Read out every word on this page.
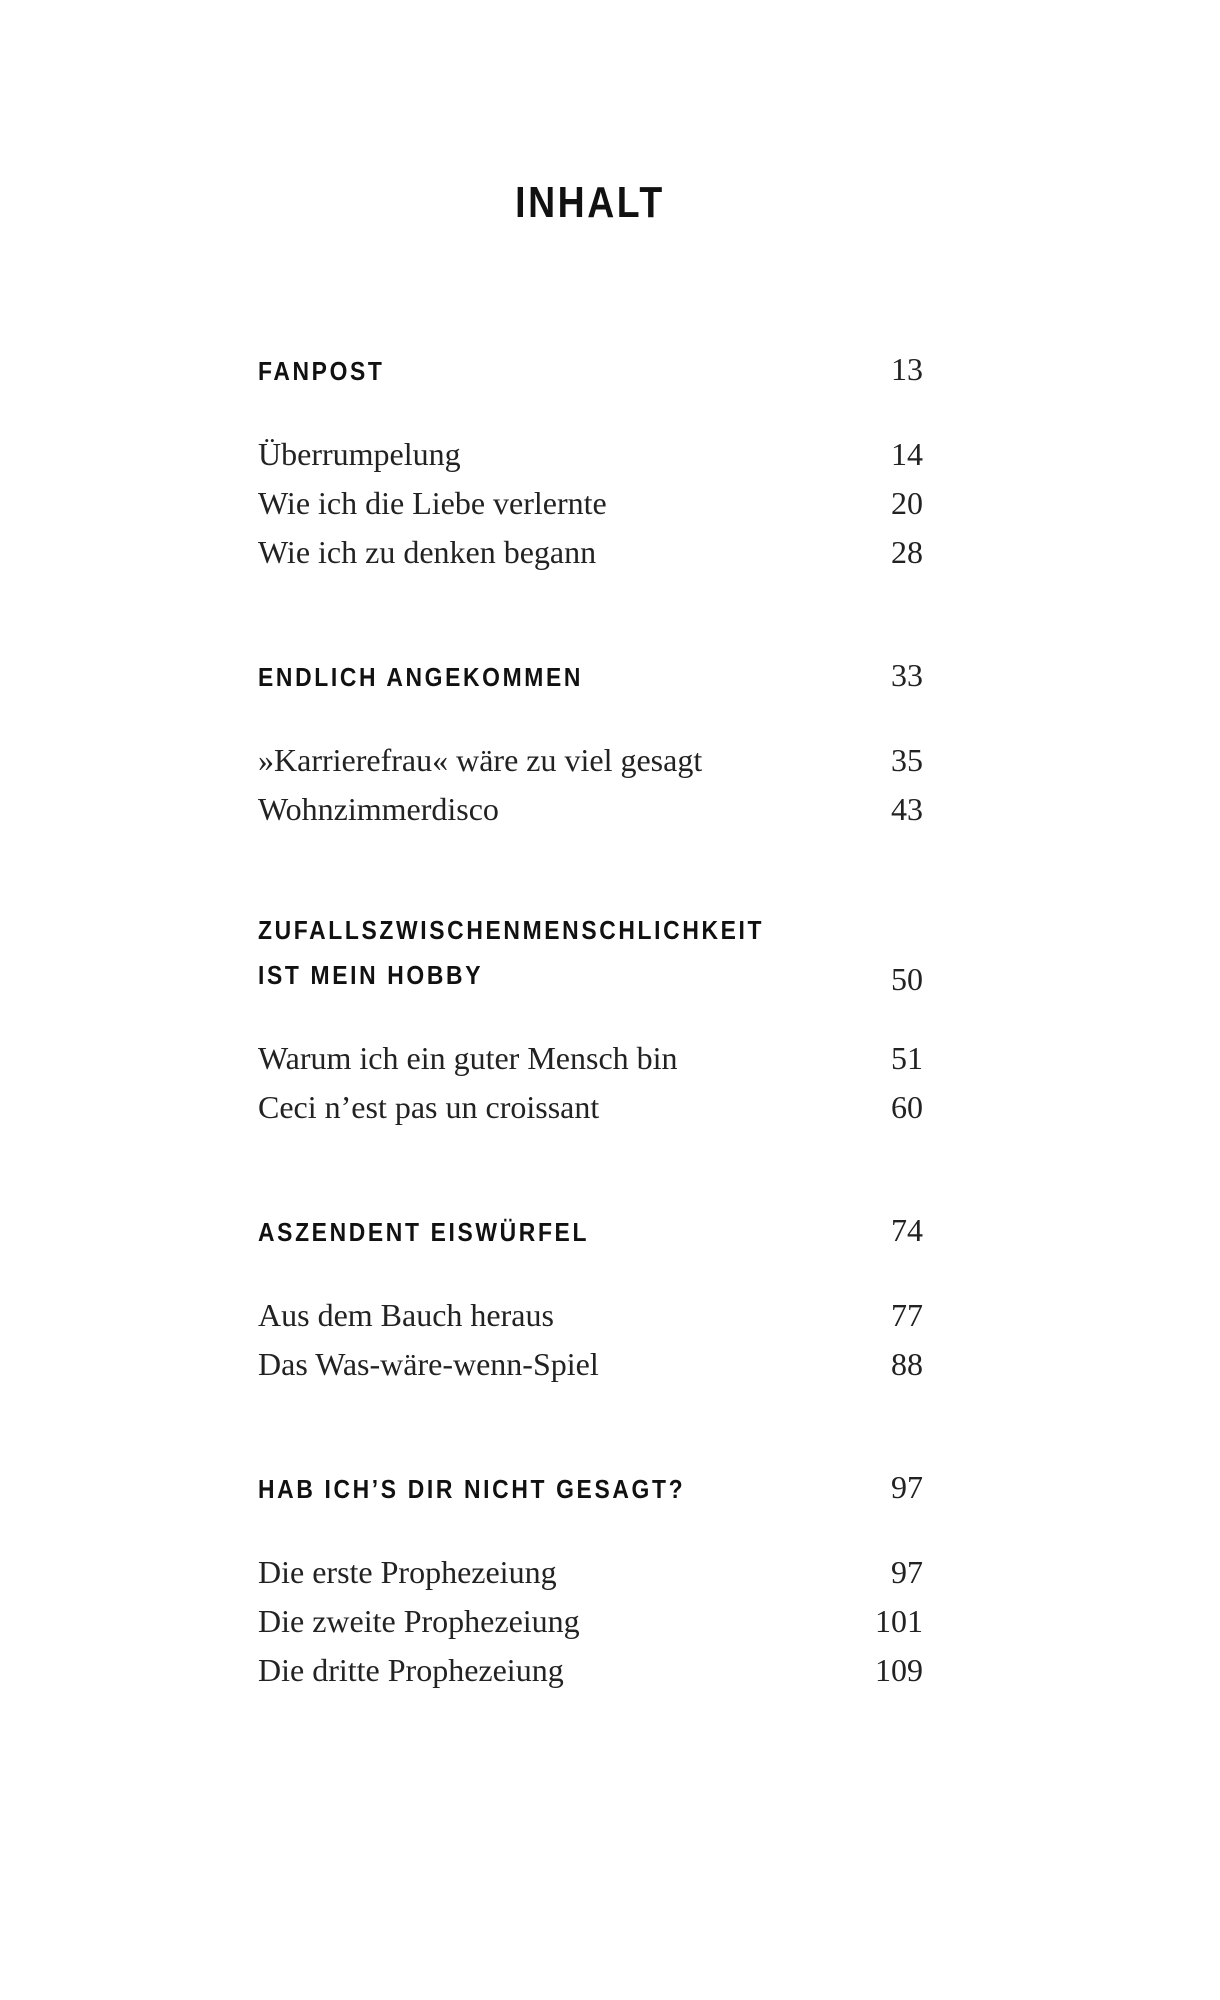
INHALT
FANPOST	13
Überrumpelung	14
Wie ich die Liebe verlernte	20
Wie ich zu denken begann	28
ENDLICH ANGEKOMMEN	33
»Karrierefrau« wäre zu viel gesagt	35
Wohnzimmerdisco	43
ZUFALLSZWISCHENMENSCHLICHKEIT
IST MEIN HOBBY	50
Warum ich ein guter Mensch bin	51
Ceci n’est pas un croissant	60
ASZENDENT EISWÜRFEL	74
Aus dem Bauch heraus	77
Das Was-wäre-wenn-Spiel	88
HAB ICH’S DIR NICHT GESAGT?	97
Die erste Prophezeiung	97
Die zweite Prophezeiung	101
Die dritte Prophezeiung	109
